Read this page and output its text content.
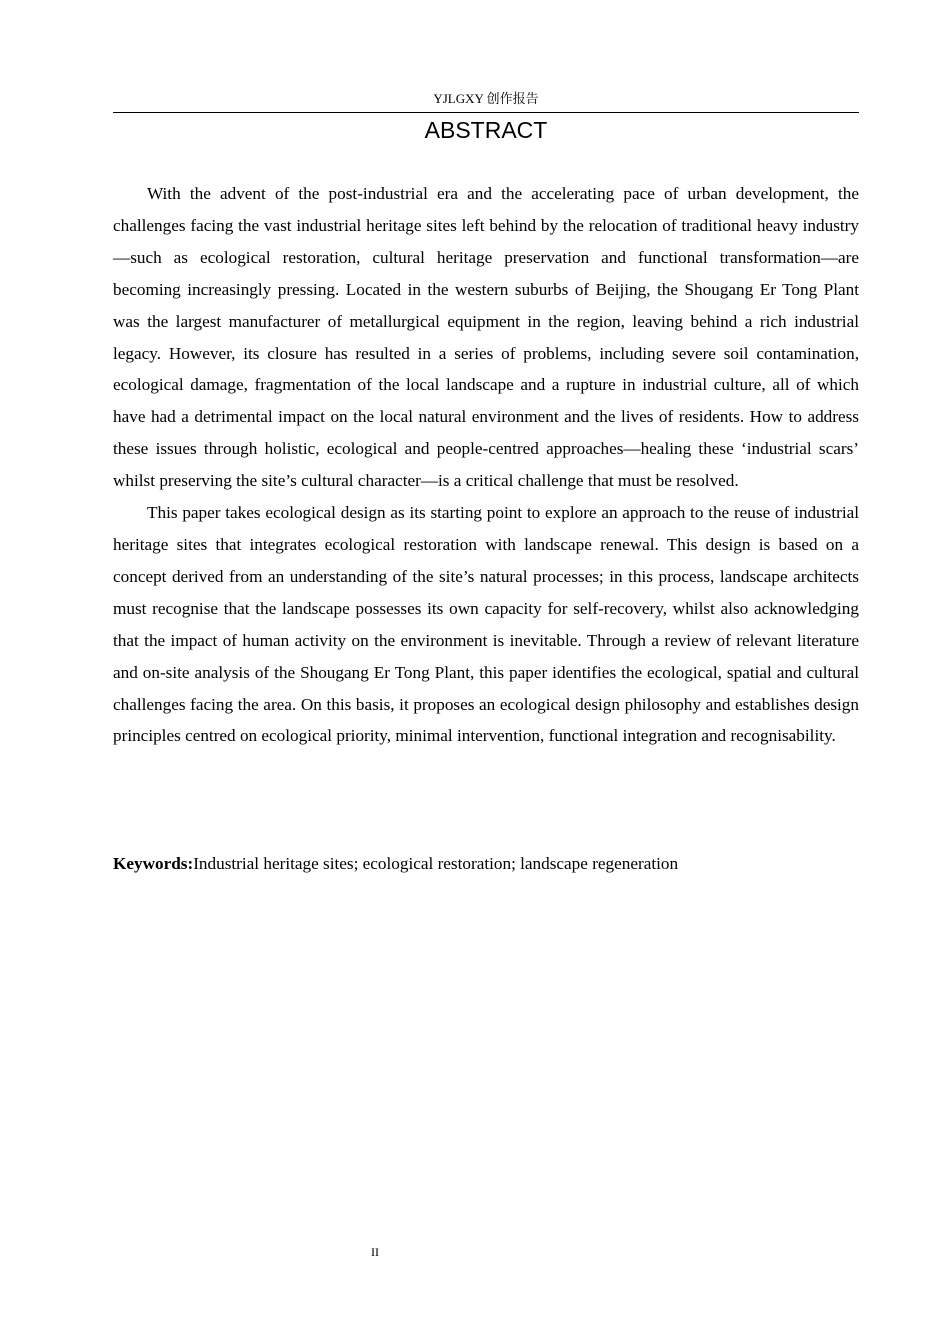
YJLGXY 创作报告
ABSTRACT

With the advent of the post-industrial era and the accelerating pace of urban development, the challenges facing the vast industrial heritage sites left behind by the relocation of traditional heavy industry—such as ecological restoration, cultural heritage preservation and functional transformation—are becoming increasingly pressing. Located in the western suburbs of Beijing, the Shougang Er Tong Plant was the largest manufacturer of metallurgical equipment in the region, leaving behind a rich industrial legacy. However, its closure has resulted in a series of problems, including severe soil contamination, ecological damage, fragmentation of the local landscape and a rupture in industrial culture, all of which have had a detrimental impact on the local natural environment and the lives of residents. How to address these issues through holistic, ecological and people-centred approaches—healing these ‘industrial scars’ whilst preserving the site’s cultural character—is a critical challenge that must be resolved.

This paper takes ecological design as its starting point to explore an approach to the reuse of industrial heritage sites that integrates ecological restoration with landscape renewal. This design is based on a concept derived from an understanding of the site’s natural processes; in this process, landscape architects must recognise that the landscape possesses its own capacity for self-recovery, whilst also acknowledging that the impact of human activity on the environment is inevitable. Through a review of relevant literature and on-site analysis of the Shougang Er Tong Plant, this paper identifies the ecological, spatial and cultural challenges facing the area. On this basis, it proposes an ecological design philosophy and establishes design principles centred on ecological priority, minimal intervention, functional integration and recognisability.

Keywords:Industrial heritage sites; ecological restoration; landscape regeneration

II
